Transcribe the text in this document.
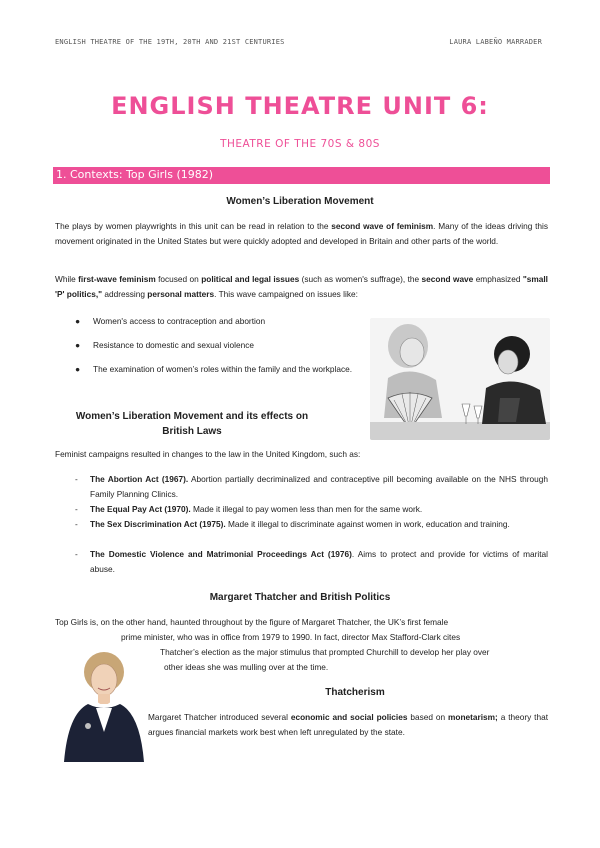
ENGLISH THEATRE OF THE 19TH, 20TH AND 21ST CENTURIES	LAURA LABEÑO MARRADER
ENGLISH THEATRE UNIT 6:
THEATRE OF THE 70S & 80S
1. Contexts: Top Girls (1982)
Women’s Liberation Movement

The plays by women playwrights in this unit can be read in relation to the second wave of feminism. Many of the ideas driving this movement originated in the United States but were quickly adopted and developed in Britain and other parts of the world.

While first-wave feminism focused on political and legal issues (such as women's suffrage), the second wave emphasized "small 'P' politics," addressing personal matters. This wave campaigned on issues like:

● Women's access to contraception and abortion
● Resistance to domestic and sexual violence
● The examination of women’s roles within the family and the workplace.
Women’s Liberation Movement and its effects on
British Laws

Feminist campaigns resulted in changes to the law in the United Kingdom, such as:

- The Abortion Act (1967). Abortion partially decriminalized and contraceptive pill becoming available on the NHS through Family Planning Clinics.
- The Equal Pay Act (1970). Made it illegal to pay women less than men for the same work.
- The Sex Discrimination Act (1975). Made it illegal to discriminate against women in work, education and training.
- The Domestic Violence and Matrimonial Proceedings Act (1976). Aims to protect and provide for victims of marital abuse.
Margaret Thatcher and British Politics
Top Girls is, on the other hand, haunted throughout by the figure of Margaret Thatcher, the UK’s first female
prime minister, who was in office from 1979 to 1990. In fact, director Max Stafford-Clark cites
Thatcher’s election as the major stimulus that prompted Churchill to develop her play over
other ideas she was mulling over at the time.
Thatcherism

Margaret Thatcher introduced several economic and social policies based on monetarism; a theory that argues financial markets work best when left unregulated by the state.
